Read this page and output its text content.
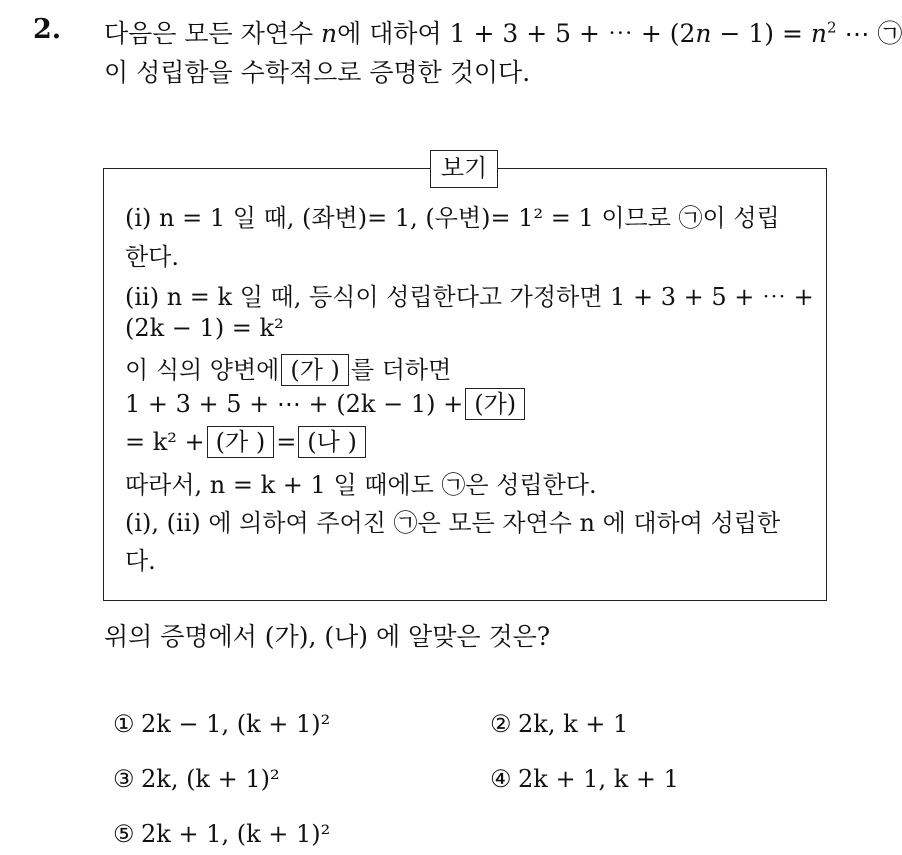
2. 다음은 모든 자연수 n에 대하여 1 + 3 + 5 + ⋯ + $(2n - 1) = n^2$ ⋯ ㉠
이 성립함을 수학적으로 증명한 것이다.
보기
(i) n = 1 일 때, (좌변)= 1, (우변)= 1² = 1 이므로 ㉠이 성립
한다.
(ii) n = k 일 때, 등식이 성립한다고 가정하면 1 + 3 + 5 + ⋯ +
(2k − 1) = k²
이 식의 양변에 (가 ) 를 더하면
1 + 3 + 5 + ⋯ + (2k − 1) + (가)
= k² + (가 ) = (나 )
따라서, n = k + 1 일 때에도 ㉠은 성립한다.
(i), (ii) 에 의하여 주어진 ㉠은 모든 자연수 n 에 대하여 성립한
다.
위의 증명에서 (가), (나) 에 알맞은 것은?
① 2k − 1, (k + 1)²	② 2k, k + 1
③ 2k, (k + 1)²	④ 2k + 1, k + 1
⑤ 2k + 1, (k + 1)²
